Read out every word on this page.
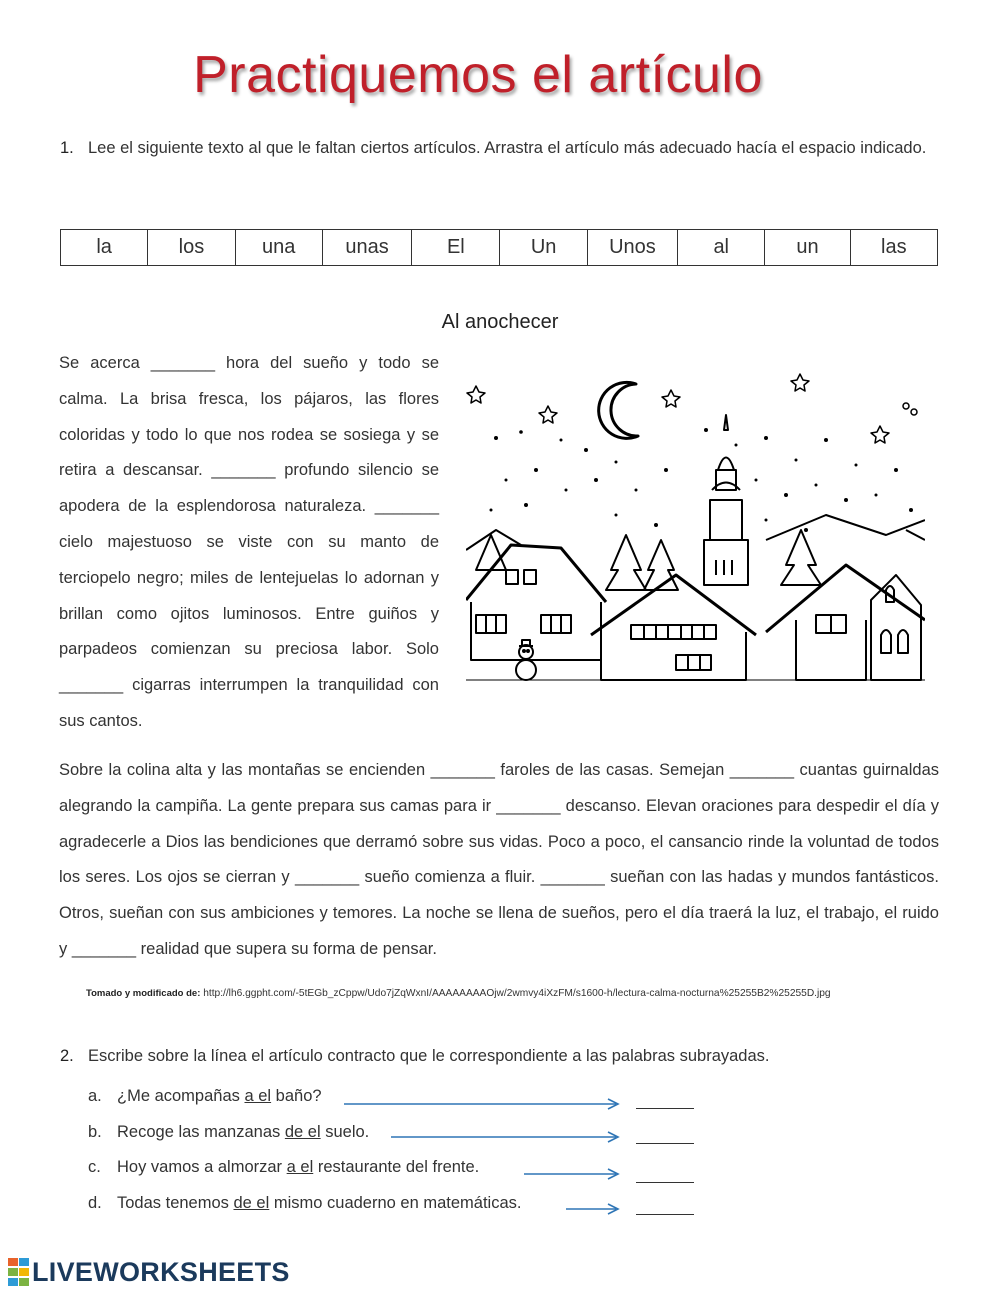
Practiquemos el artículo
1. Lee el siguiente texto al que le faltan ciertos artículos. Arrastra el artículo más adecuado hacía el espacio indicado.
la	los	una	unas	El	Un	Unos	al	un	las
Al anochecer
Se acerca _______ hora del sueño y todo se calma. La brisa fresca, los pájaros, las flores coloridas y todo lo que nos rodea se sosiega y se retira a descansar. _______ profundo silencio se apodera de la esplendorosa naturaleza. _______ cielo majestuoso se viste con su manto de terciopelo negro; miles de lentejuelas lo adornan y brillan como ojitos luminosos. Entre guiños y parpadeos comienzan su preciosa labor. Solo _______ cigarras interrumpen la tranquilidad con sus cantos.
Sobre la colina alta y las montañas se encienden _______ faroles de las casas. Semejan _______ cuantas guirnaldas alegrando la campiña. La gente prepara sus camas para ir _______ descanso. Elevan oraciones para despedir el día y agradecerle a Dios las bendiciones que derramó sobre sus vidas. Poco a poco, el cansancio rinde la voluntad de todos los seres. Los ojos se cierran y _______ sueño comienza a fluir. _______ sueñan con las hadas y mundos fantásticos. Otros, sueñan con sus ambiciones y temores. La noche se llena de sueños, pero el día traerá la luz, el trabajo, el ruido y _______ realidad que supera su forma de pensar.
Tomado y modificado de: http://lh6.ggpht.com/-5tEGb_zCppw/Udo7jZqWxnI/AAAAAAAAOjw/2wmvy4iXzFM/s1600-h/lectura-calma-nocturna%25255B2%25255D.jpg
2. Escribe sobre la línea el artículo contracto que le correspondiente a las palabras subrayadas.
a. ¿Me acompañas a el baño?
b. Recoge las manzanas de el suelo.
c. Hoy vamos a almorzar a el restaurante del frente.
d. Todas tenemos de el mismo cuaderno en matemáticas.
LIVEWORKSHEETS
